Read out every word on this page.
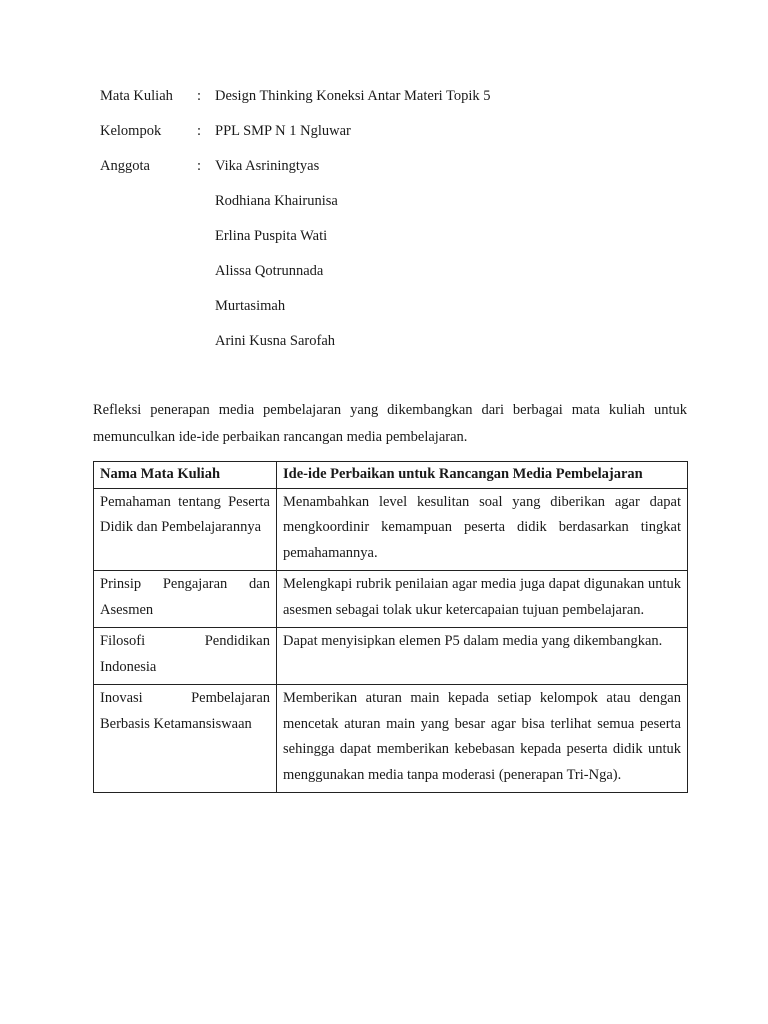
Mata Kuliah	: Design Thinking Koneksi Antar Materi Topik 5
Kelompok	: PPL SMP N 1 Ngluwar
Anggota	: Vika Asriningtyas
Rodhiana Khairunisa
Erlina Puspita Wati
Alissa Qotrunnada
Murtasimah
Arini Kusna Sarofah

Refleksi penerapan media pembelajaran yang dikembangkan dari berbagai mata kuliah untuk memunculkan ide-ide perbaikan rancangan media pembelajaran.

Nama Mata Kuliah	Ide-ide Perbaikan untuk Rancangan Media Pembelajaran
Pemahaman tentang Peserta Didik dan Pembelajarannya	Menambahkan level kesulitan soal yang diberikan agar dapat mengkoordinir kemampuan peserta didik berdasarkan tingkat pemahamannya.
Prinsip Pengajaran dan Asesmen	Melengkapi rubrik penilaian agar media juga dapat digunakan untuk asesmen sebagai tolak ukur ketercapaian tujuan pembelajaran.
Filosofi Pendidikan Indonesia	Dapat menyisipkan elemen P5 dalam media yang dikembangkan.
Inovasi Pembelajaran Berbasis Ketamansiswaan	Memberikan aturan main kepada setiap kelompok atau dengan mencetak aturan main yang besar agar bisa terlihat semua peserta sehingga dapat memberikan kebebasan kepada peserta didik untuk menggunakan media tanpa moderasi (penerapan Tri-Nga).
